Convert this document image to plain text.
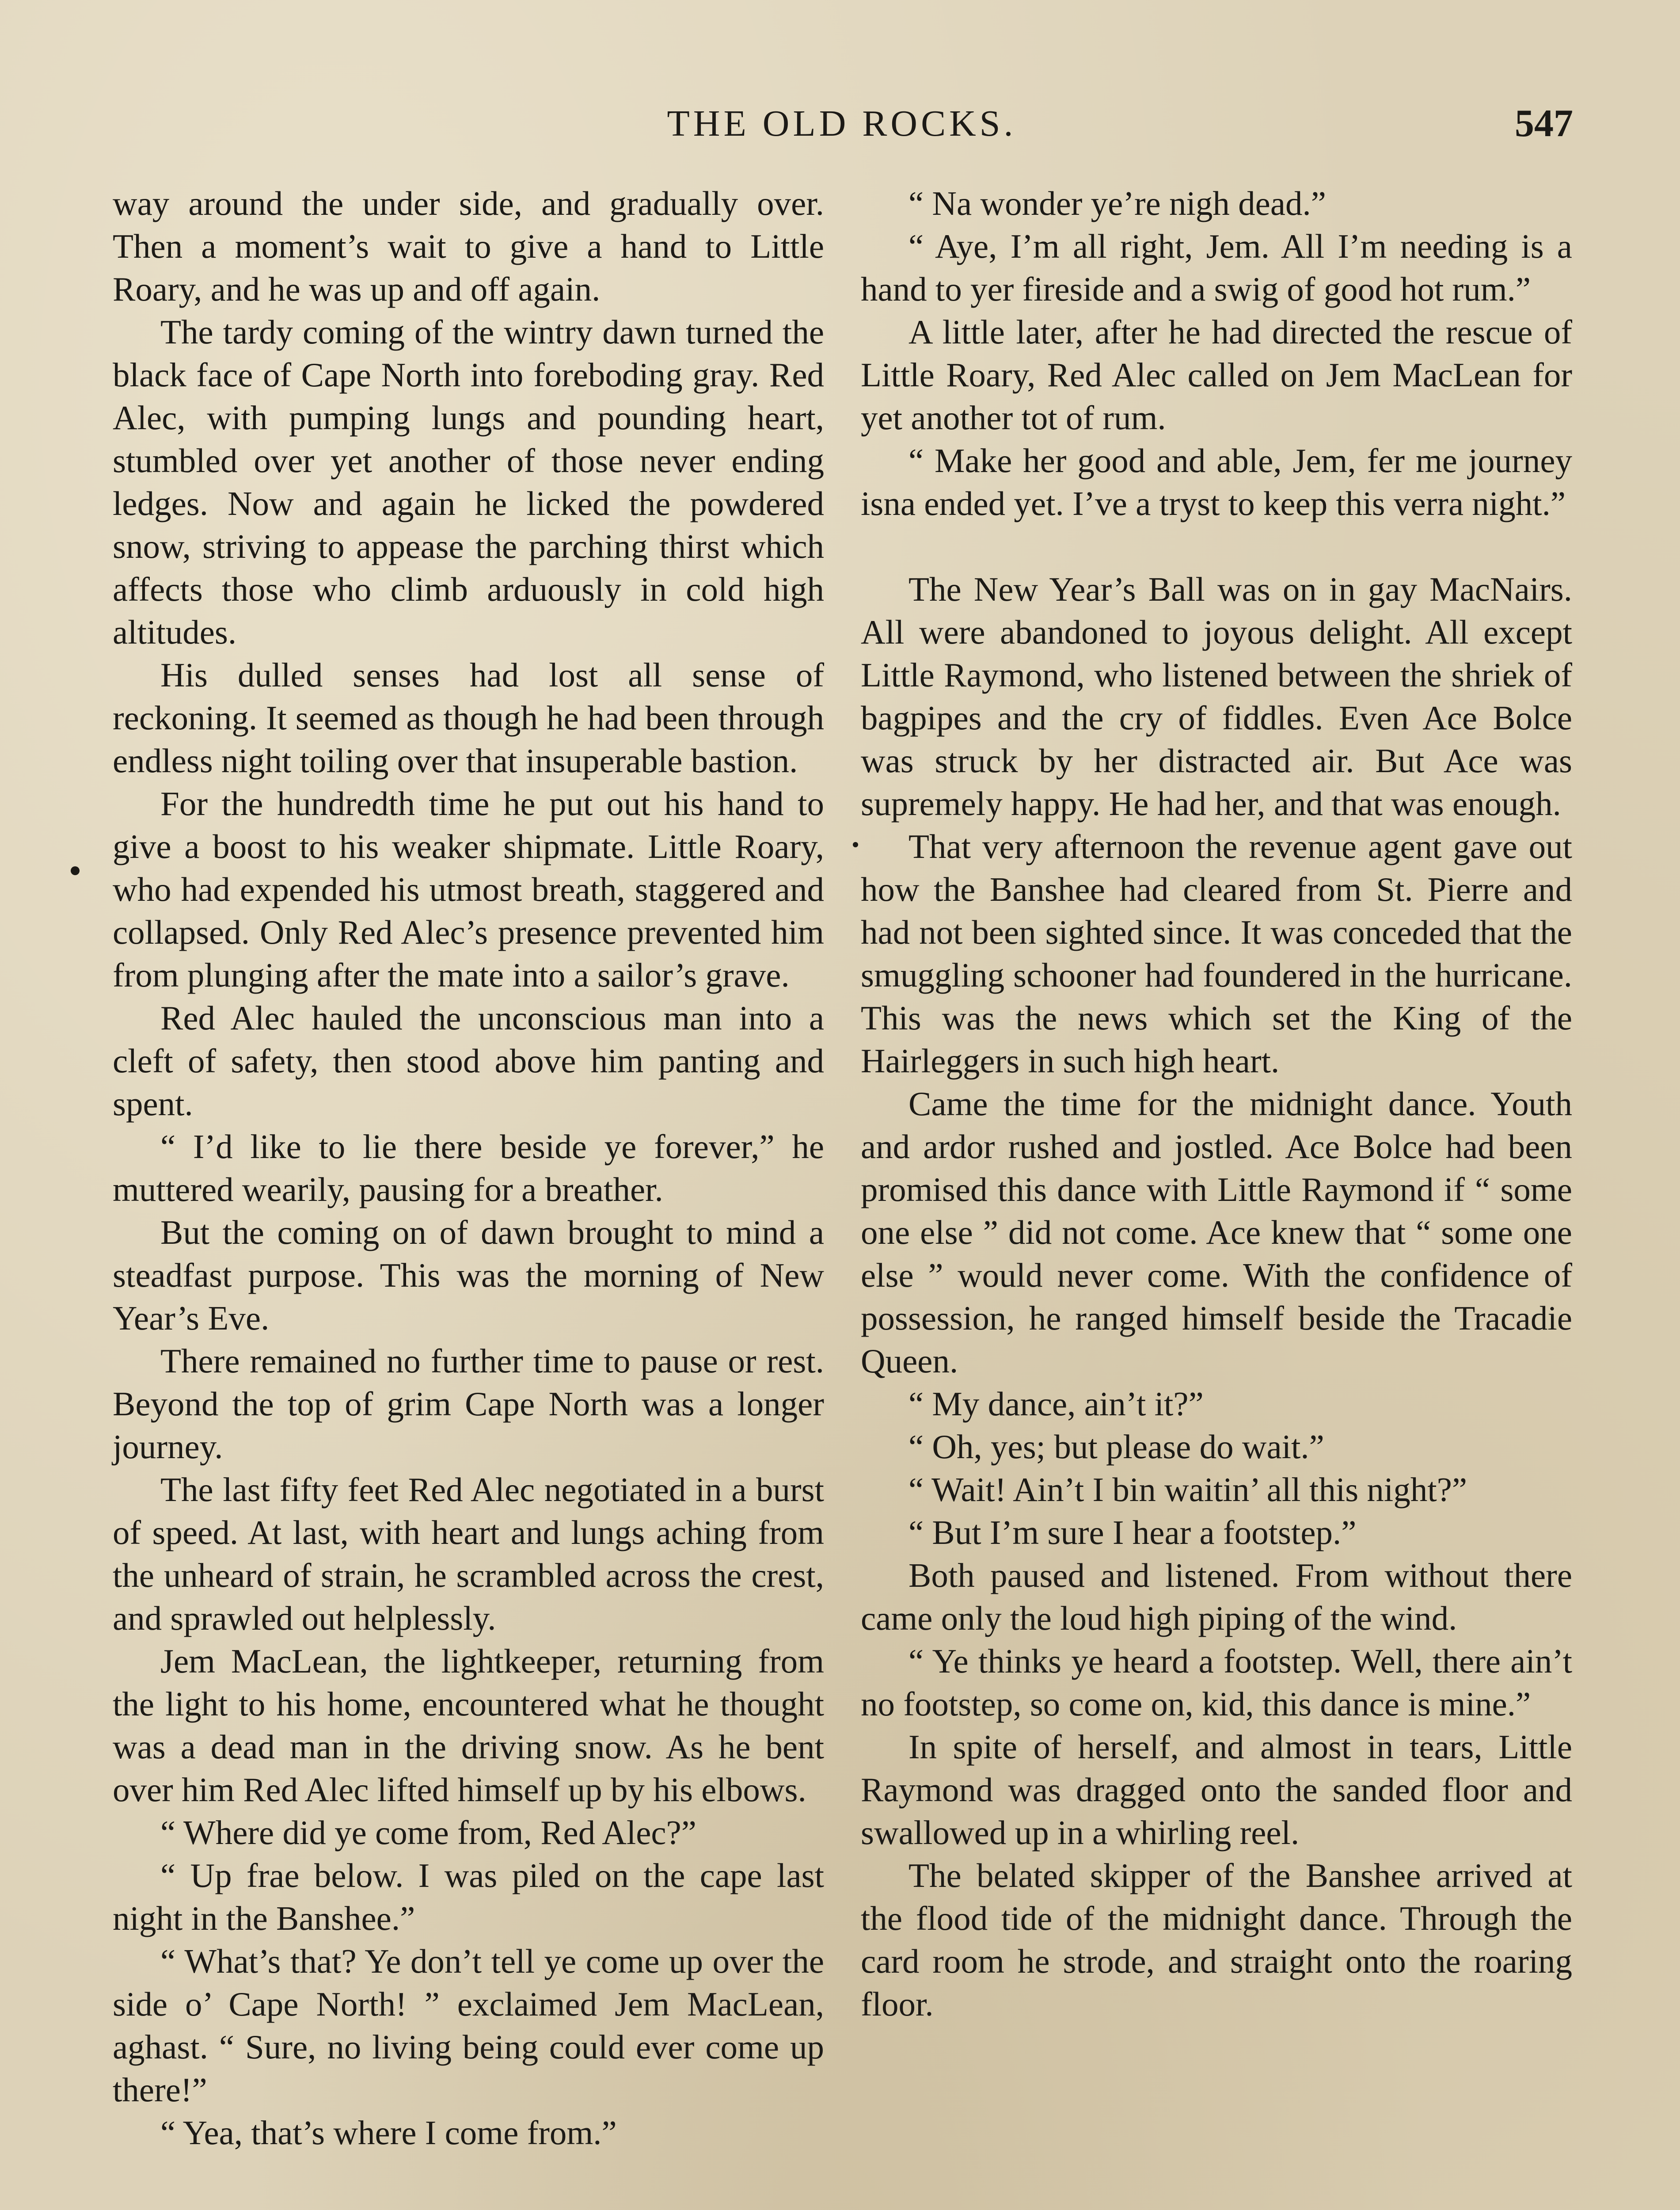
THE OLD ROCKS.	547

way around the under side, and gradually over. Then a moment’s wait to give a hand to Little Roary, and he was up and off again.

The tardy coming of the wintry dawn turned the black face of Cape North into foreboding gray. Red Alec, with pumping lungs and pounding heart, stumbled over yet another of those never ending ledges. Now and again he licked the powdered snow, striving to appease the parching thirst which affects those who climb arduously in cold high altitudes.

His dulled senses had lost all sense of reckoning. It seemed as though he had been through endless night toiling over that insuperable bastion.

For the hundredth time he put out his hand to give a boost to his weaker shipmate. Little Roary, who had expended his utmost breath, staggered and collapsed. Only Red Alec’s presence prevented him from plunging after the mate into a sailor’s grave.

Red Alec hauled the unconscious man into a cleft of safety, then stood above him panting and spent.

“ I’d like to lie there beside ye forever,” he muttered wearily, pausing for a breather.

But the coming on of dawn brought to mind a steadfast purpose. This was the morning of New Year’s Eve.

There remained no further time to pause or rest. Beyond the top of grim Cape North was a longer journey.

The last fifty feet Red Alec negotiated in a burst of speed. At last, with heart and lungs aching from the unheard of strain, he scrambled across the crest, and sprawled out helplessly.

Jem MacLean, the lightkeeper, returning from the light to his home, encountered what he thought was a dead man in the driving snow. As he bent over him Red Alec lifted himself up by his elbows.

“ Where did ye come from, Red Alec?”

“ Up frae below. I was piled on the cape last night in the Banshee.”

“ What’s that? Ye don’t tell ye come up over the side o’ Cape North! ” exclaimed Jem MacLean, aghast. “ Sure, no living being could ever come up there!”

“ Yea, that’s where I come from.”

“ Na wonder ye’re nigh dead.”

“ Aye, I’m all right, Jem. All I’m needing is a hand to yer fireside and a swig of good hot rum.”

A little later, after he had directed the rescue of Little Roary, Red Alec called on Jem MacLean for yet another tot of rum.

“ Make her good and able, Jem, fer me journey isna ended yet. I’ve a tryst to keep this verra night.”

The New Year’s Ball was on in gay MacNairs. All were abandoned to joyous delight. All except Little Raymond, who listened between the shriek of bagpipes and the cry of fiddles. Even Ace Bolce was struck by her distracted air. But Ace was supremely happy. He had her, and that was enough.

That very afternoon the revenue agent gave out how the Banshee had cleared from St. Pierre and had not been sighted since. It was conceded that the smuggling schooner had foundered in the hurricane. This was the news which set the King of the Hairleggers in such high heart.

Came the time for the midnight dance. Youth and ardor rushed and jostled. Ace Bolce had been promised this dance with Little Raymond if “ some one else ” did not come. Ace knew that “ some one else ” would never come. With the confidence of possession, he ranged himself beside the Tracadie Queen.

“ My dance, ain’t it?”

“ Oh, yes; but please do wait.”

“ Wait! Ain’t I bin waitin’ all this night?”

“ But I’m sure I hear a footstep.”

Both paused and listened. From without there came only the loud high piping of the wind.

“ Ye thinks ye heard a footstep. Well, there ain’t no footstep, so come on, kid, this dance is mine.”

In spite of herself, and almost in tears, Little Raymond was dragged onto the sanded floor and swallowed up in a whirling reel.

The belated skipper of the Banshee arrived at the flood tide of the midnight dance. Through the card room he strode, and straight onto the roaring floor.
